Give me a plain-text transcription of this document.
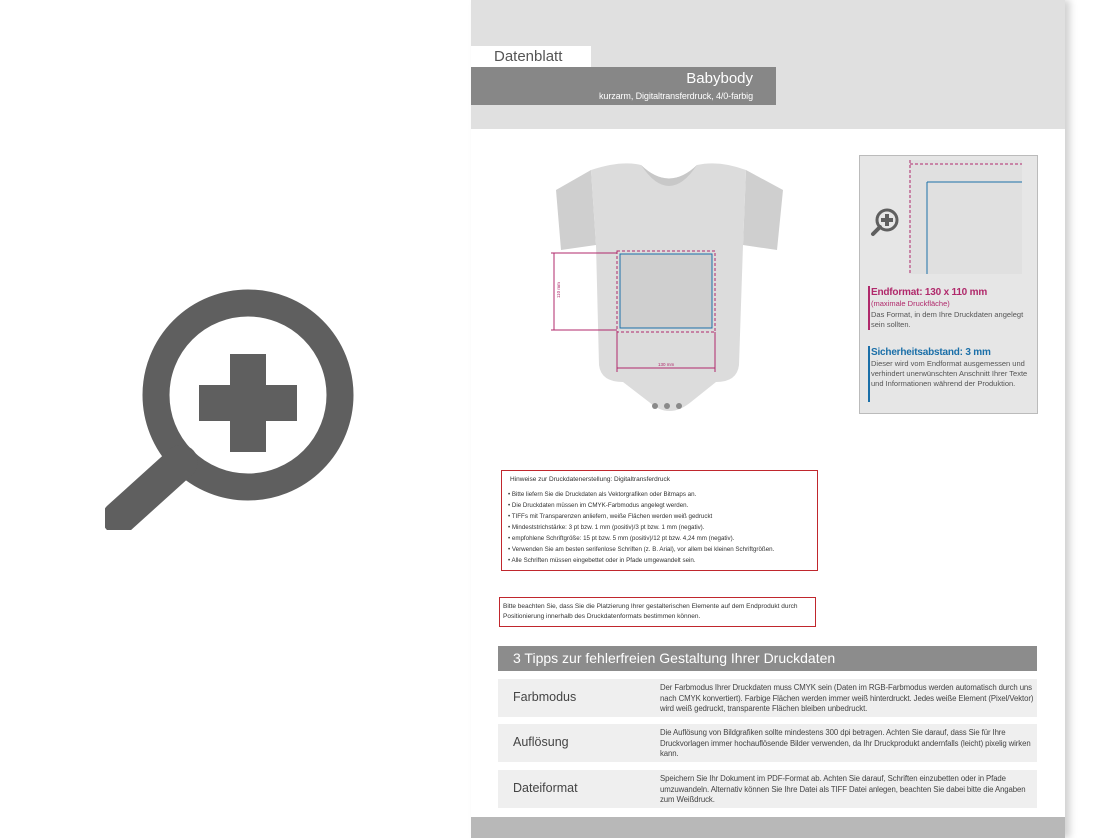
Datenblatt
Babybody
kurzarm, Digitaltransferdruck, 4/0-farbig
110 mm
130 mm
Endformat: 130 x 110 mm
(maximale Druckfläche)
Das Format, in dem Ihre Druckdaten angelegt sein sollten.
Sicherheitsabstand: 3 mm
Dieser wird vom Endformat ausgemessen und verhindert unerwünschten Anschnitt Ihrer Texte und Informationen während der Produktion.
Hinweise zur Druckdatenerstellung: Digitaltransferdruck
• Bitte liefern Sie die Druckdaten als Vektorgrafiken oder Bitmaps an.
• Die Druckdaten müssen im CMYK-Farbmodus angelegt werden.
• TIFFs mit Transparenzen anliefern, weiße Flächen werden weiß gedruckt
• Mindeststrichstärke: 3 pt bzw. 1 mm (positiv)/3 pt bzw. 1 mm (negativ).
• empfohlene Schriftgröße: 15 pt bzw. 5 mm (positiv)/12 pt bzw. 4,24 mm (negativ).
• Verwenden Sie am besten serifenlose Schriften (z. B. Arial), vor allem bei kleinen Schriftgrößen.
• Alle Schriften müssen eingebettet oder in Pfade umgewandelt sein.
Bitte beachten Sie, dass Sie die Platzierung Ihrer gestalterischen Elemente auf dem Endprodukt durch Positionierung innerhalb des Druckdatenformats bestimmen können.
3 Tipps zur fehlerfreien Gestaltung Ihrer Druckdaten
Farbmodus
Der Farbmodus Ihrer Druckdaten muss CMYK sein (Daten im RGB-Farbmodus werden automatisch durch uns nach CMYK konvertiert). Farbige Flächen werden immer weiß hinterdruckt. Jedes weiße Element (Pixel/Vektor) wird weiß gedruckt, transparente Flächen bleiben unbedruckt.
Auflösung
Die Auflösung von Bildgrafiken sollte mindestens 300 dpi betragen. Achten Sie darauf, dass Sie für Ihre Druckvorlagen immer hochauflösende Bilder verwenden, da Ihr Druckprodukt andernfalls (leicht) pixelig wirken kann.
Dateiformat
Speichern Sie Ihr Dokument im PDF-Format ab. Achten Sie darauf, Schriften einzubetten oder in Pfade umzuwandeln. Alternativ können Sie Ihre Datei als TIFF Datei anlegen, beachten Sie dabei bitte die Angaben zum Weißdruck.
